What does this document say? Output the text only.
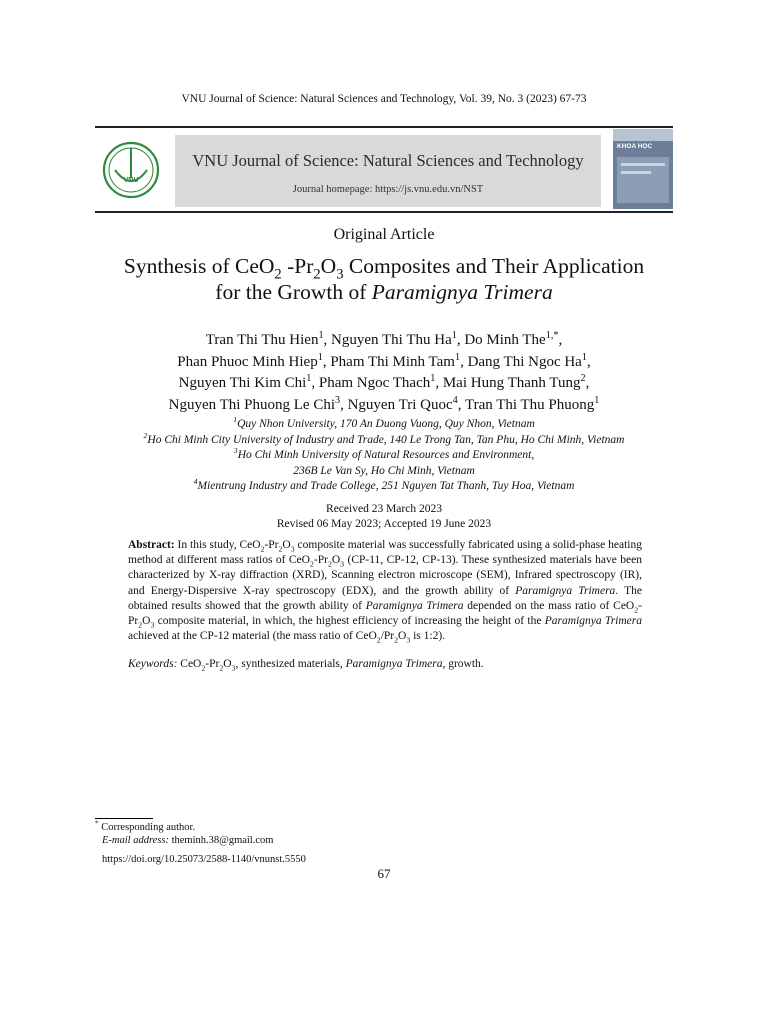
VNU Journal of Science: Natural Sciences and Technology, Vol. 39, No. 3 (2023) 67-73
VNU
VNU Journal of Science: Natural Sciences and Technology
Journal homepage: https://js.vnu.edu.vn/NST
KHOA HỌC
Original Article
Synthesis of CeO$_2$ $-Pr_2O_3$ Composites and Their Application
for the Growth of Paramignya Trimera
Tran Thi Thu Hien$^1$, Nguyen Thi Thu Ha$^1$, Do Minh The$^{1,*}$,
Phan Phuoc Minh Hiep$^1$, Pham Thi Minh Tam$^1$, Dang Thi Ngoc Ha$^1$,
Nguyen Thi Kim Chi$^1$, Pham Ngoc Thach$^1$, Mai Hung Thanh Tung$^2$,
Nguyen Thi Phuong Le Chi$^3$, Nguyen Tri Quoc$^4$, Tran Thi Thu Phuong$^1$
$^1$Quy Nhon University, 170 An Duong Vuong, Quy Nhon, Vietnam
$^2$Ho Chi Minh City University of Industry and Trade, 140 Le Trong Tan, Tan Phu, Ho Chi Minh, Vietnam
$^3$Ho Chi Minh University of Natural Resources and Environment,
236B Le Van Sy, Ho Chi Minh, Vietnam
$^4$Mientrung Industry and Trade College, 251 Nguyen Tat Thanh, Tuy Hoa, Vietnam
Received 23 March 2023
Revised 06 May 2023; Accepted 19 June 2023
Abstract: In this study, $CeO_2-Pr_2O_3$ composite material was successfully fabricated using a solid-phase heating method at different mass ratios of $CeO_2-Pr_2O_3$ (CP-11, CP-12, CP-13). These synthesized materials have been characterized by X-ray diffraction (XRD), Scanning electron microscope (SEM), Infrared spectroscopy (IR), and Energy-Dispersive X-ray spectroscopy (EDX), and the growth ability of Paramignya Trimera. The obtained results showed that the growth ability of Paramignya Trimera depended on the mass ratio of $CeO_2-Pr_2O_3$ composite material, in which, the highest efficiency of increasing the height of the Paramignya Trimera achieved at the CP-12 material (the mass ratio of $CeO_2/Pr_2O_3$ is 1:2).
Keywords: $CeO_2-Pr_2O_3$, synthesized materials, Paramignya Trimera, growth.
* Corresponding author.
E-mail address: theminh.38@gmail.com
https://doi.org/10.25073/2588-1140/vnunst.5550
67
